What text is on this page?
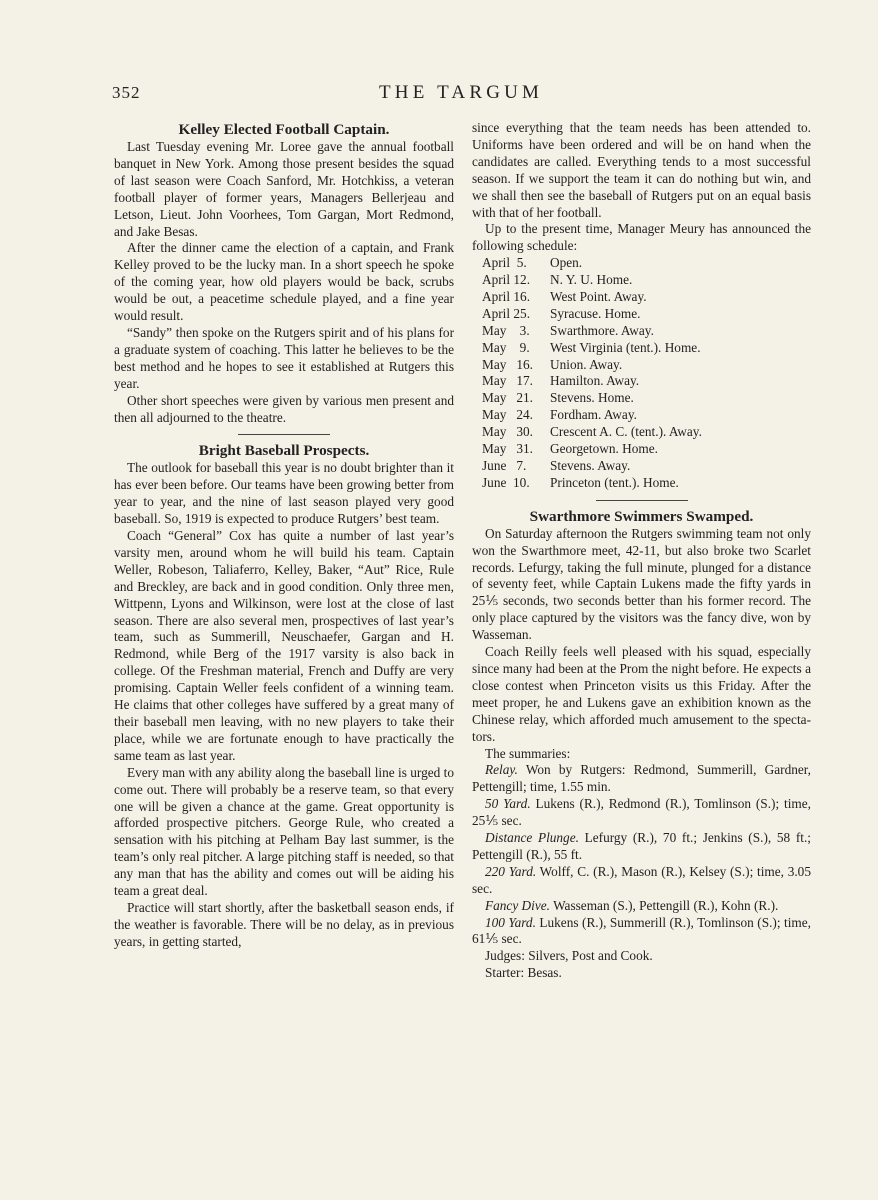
352	THE TARGUM
Kelley Elected Football Captain.

Last Tuesday evening Mr. Loree gave the annual football banquet in New York. Among those present besides the squad of last season were Coach Sanford, Mr. Hotchkiss, a veteran football player of former years, Managers Bellerjeau and Letson, Lieut. John Voorhees, Tom Gargan, Mort Redmond, and Jake Besas.

After the dinner came the election of a captain, and Frank Kelley proved to be the lucky man. In a short speech he spoke of the coming year, how old players would be back, scrubs would be out, a peacetime schedule played, and a fine year would result.

“Sandy” then spoke on the Rutgers spirit and of his plans for a graduate system of coaching. This latter he believes to be the best method and he hopes to see it established at Rutgers this year.

Other short speeches were given by various men present and then all adjourned to the theatre.

Bright Baseball Prospects.

The outlook for baseball this year is no doubt brighter than it has ever been before. Our teams have been growing better from year to year, and the nine of last season played very good baseball. So, 1919 is expected to produce Rutgers’ best team.

Coach “General” Cox has quite a number of last year’s varsity men, around whom he will build his team. Captain Weller, Robeson, Taliaferro, Kelley, Baker, “Aut” Rice, Rule and Breckley, are back and in good condition. Only three men, Wittpenn, Lyons and Wilkinson, were lost at the close of last season. There are also several men, prospectives of last year’s team, such as Summerill, Neuschaefer, Gargan and H. Redmond, while Berg of the 1917 varsity is also back in college. Of the Freshman material, French and Duffy are very promising. Captain Weller feels confident of a winning team. He claims that other colleges have suffered by a great many of their baseball men leaving, with no new players to take their place, while we are fortunate enough to have practically the same team as last year.

Every man with any ability along the baseball line is urged to come out. There will probably be a reserve team, so that every one will be given a chance at the game. Great opportunity is afforded prospective pitchers. George Rule, who created a sensation with his pitching at Pelham Bay last summer, is the team’s only real pitcher. A large pitching staff is needed, so that any man that has the ability and comes out will be aiding his team a great deal.

Practice will start shortly, after the basketball season ends, if the weather is favorable. There will be no delay, as in previous years, in getting started,

since everything that the team needs has been attended to. Uniforms have been ordered and will be on hand when the candidates are called. Everything tends to a most successful season. If we support the team it can do nothing but win, and we shall then see the baseball of Rutgers put on an equal basis with that of her football.

Up to the present time, Manager Meury has announced the following schedule:

April  5.	Open.
April 12.	N. Y. U. Home.
April 16.	West Point. Away.
April 25.	Syracuse. Home.
May    3.	Swarthmore. Away.
May    9.	West Virginia (tent.). Home.
May   16.	Union. Away.
May   17.	Hamilton. Away.
May   21.	Stevens. Home.
May   24.	Fordham. Away.
May   30.	Crescent A. C. (tent.). Away.
May   31.	Georgetown. Home.
June   7.	Stevens. Away.
June  10.	Princeton (tent.). Home.
Swarthmore Swimmers Swamped.

On Saturday afternoon the Rutgers swimming team not only won the Swarthmore meet, 42-11, but also broke two Scarlet records. Lefurgy, taking the full minute, plunged for a distance of seventy feet, while Captain Lukens made the fifty yards in 25⅕ seconds, two seconds better than his former record. The only place captured by the visitors was the fancy dive, won by Wasseman.

Coach Reilly feels well pleased with his squad, especially since many had been at the Prom the night before. He expects a close contest when Princeton visits us this Friday. After the meet proper, he and Lukens gave an exhibition known as the Chinese relay, which afforded much amusement to the spectators.

The summaries:

Relay. Won by Rutgers: Redmond, Summerill, Gardner, Pettengill; time, 1.55 min.

50 Yard. Lukens (R.), Redmond (R.), Tomlinson (S.); time, 25⅕ sec.

Distance Plunge. Lefurgy (R.), 70 ft.; Jenkins (S.), 58 ft.; Pettengill (R.), 55 ft.

220 Yard. Wolff, C. (R.), Mason (R.), Kelsey (S.); time, 3.05 sec.

Fancy Dive. Wasseman (S.), Pettengill (R.), Kohn (R.).

100 Yard. Lukens (R.), Summerill (R.), Tomlinson (S.); time, 61⅕ sec.

Judges: Silvers, Post and Cook.

Starter: Besas.
